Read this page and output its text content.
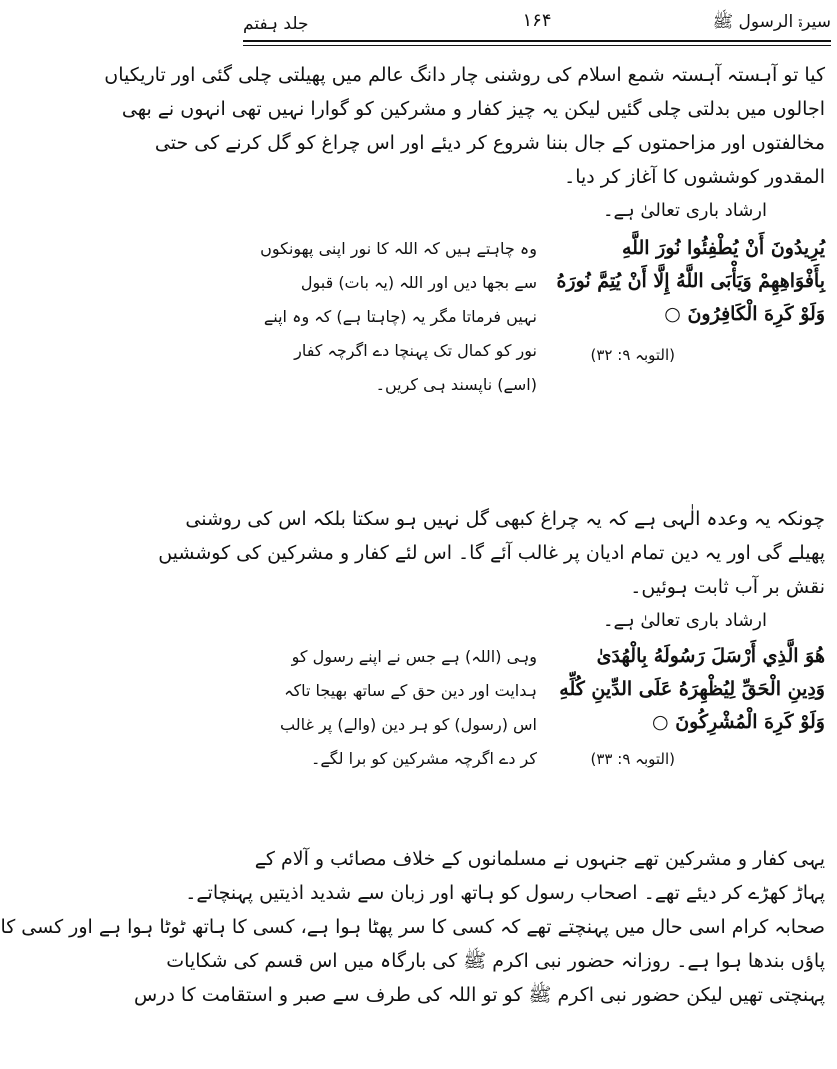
سیرۃ الرسول ﷺ
۱۶۴
جلد ہفتم
کیا تو آہستہ آہستہ شمع اسلام کی روشنی چار دانگ عالم میں پھیلتی چلی گئی اور تاریکیاں
اجالوں میں بدلتی چلی گئیں لیکن یہ چیز کفار و مشرکین کو گوارا نہیں تھی انہوں نے بھی
مخالفتوں اور مزاحمتوں کے جال بننا شروع کر دیئے اور اس چراغ کو گل کرنے کی حتی
المقدور کوششوں کا آغاز کر دیا۔
ارشاد باری تعالیٰ ہے۔
يُرِيدُونَ أَنْ يُطْفِئُوا نُورَ اللَّهِ
بِأَفْوَاهِهِمْ وَيَأْبَى اللَّهُ إِلَّا أَنْ يُتِمَّ نُورَهُ
وَلَوْ كَرِهَ الْكَافِرُونَ ○
(التوبہ ۹: ۳۲)
وہ چاہتے ہیں کہ اللہ کا نور اپنی پھونکوں
سے بجھا دیں اور اللہ (یہ بات) قبول
نہیں فرماتا مگر یہ (چاہتا ہے) کہ وہ اپنے
نور کو کمال تک پہنچا دے اگرچہ کفار
(اسے) ناپسند ہی کریں۔
چونکہ یہ وعدہ الٰہی ہے کہ یہ چراغ کبھی گل نہیں ہو سکتا بلکہ اس کی روشنی
پھیلے گی اور یہ دین تمام ادیان پر غالب آئے گا۔ اس لئے کفار و مشرکین کی کوششیں
نقش بر آب ثابت ہوئیں۔
ارشاد باری تعالیٰ ہے۔
هُوَ الَّذِي أَرْسَلَ رَسُولَهُ بِالْهُدَىٰ
وَدِينِ الْحَقِّ لِيُظْهِرَهُ عَلَى الدِّينِ كُلِّهِ
وَلَوْ كَرِهَ الْمُشْرِكُونَ ○
(التوبہ ۹: ۳۳)
وہی (اللہ) ہے جس نے اپنے رسول کو
ہدایت اور دین حق کے ساتھ بھیجا تاکہ
اس (رسول) کو ہر دین (والے) پر غالب
کر دے اگرچہ مشرکین کو برا لگے۔
یہی کفار و مشرکین تھے جنہوں نے مسلمانوں کے خلاف مصائب و آلام کے
پہاڑ کھڑے کر دیئے تھے۔ اصحاب رسول کو ہاتھ اور زبان سے شدید اذیتیں پہنچاتے۔
صحابہ کرام اسی حال میں پہنچتے تھے کہ کسی کا سر پھٹا ہوا ہے، کسی کا ہاتھ ٹوٹا ہوا ہے اور کسی کا
پاؤں بندھا ہوا ہے۔ روزانہ حضور نبی اکرم ﷺ کی بارگاہ میں اس قسم کی شکایات
پہنچتی تھیں لیکن حضور نبی اکرم ﷺ کو تو اللہ کی طرف سے صبر و استقامت کا درس
